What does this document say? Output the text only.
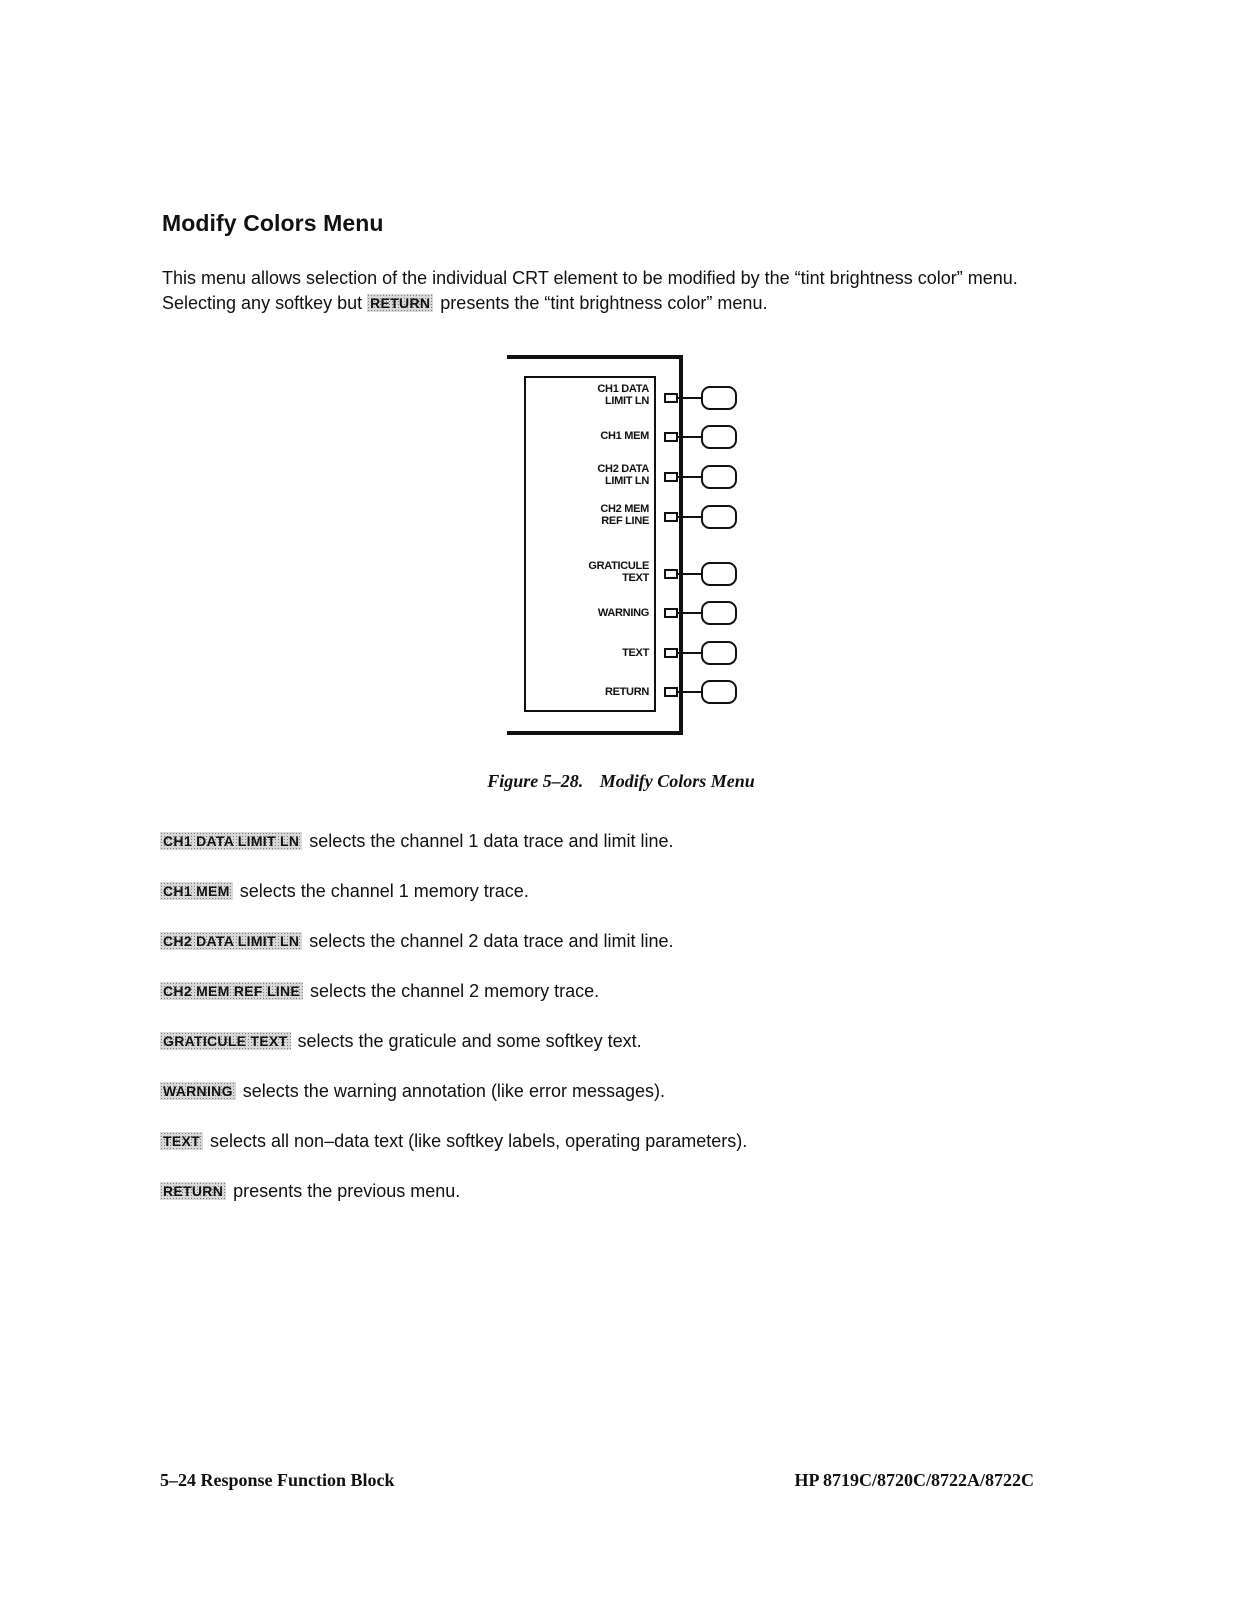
Modify Colors Menu
This menu allows selection of the individual CRT element to be modified by the “tint brightness color” menu. Selecting any softkey but RETURN presents the “tint brightness color” menu.
CH1 DATA
LIMIT LN
CH1 MEM
CH2 DATA
LIMIT LN
CH2 MEM
REF LINE
GRATICULE
TEXT
WARNING
TEXT
RETURN
Figure 5–28. Modify Colors Menu
CH1 DATA LIMIT LN selects the channel 1 data trace and limit line.
CH1 MEM selects the channel 1 memory trace.
CH2 DATA LIMIT LN selects the channel 2 data trace and limit line.
CH2 MEM REF LINE selects the channel 2 memory trace.
GRATICULE TEXT selects the graticule and some softkey text.
WARNING selects the warning annotation (like error messages).
TEXT selects all non–data text (like softkey labels, operating parameters).
RETURN presents the previous menu.
5–24 Response Function Block	HP 8719C/8720C/8722A/8722C
